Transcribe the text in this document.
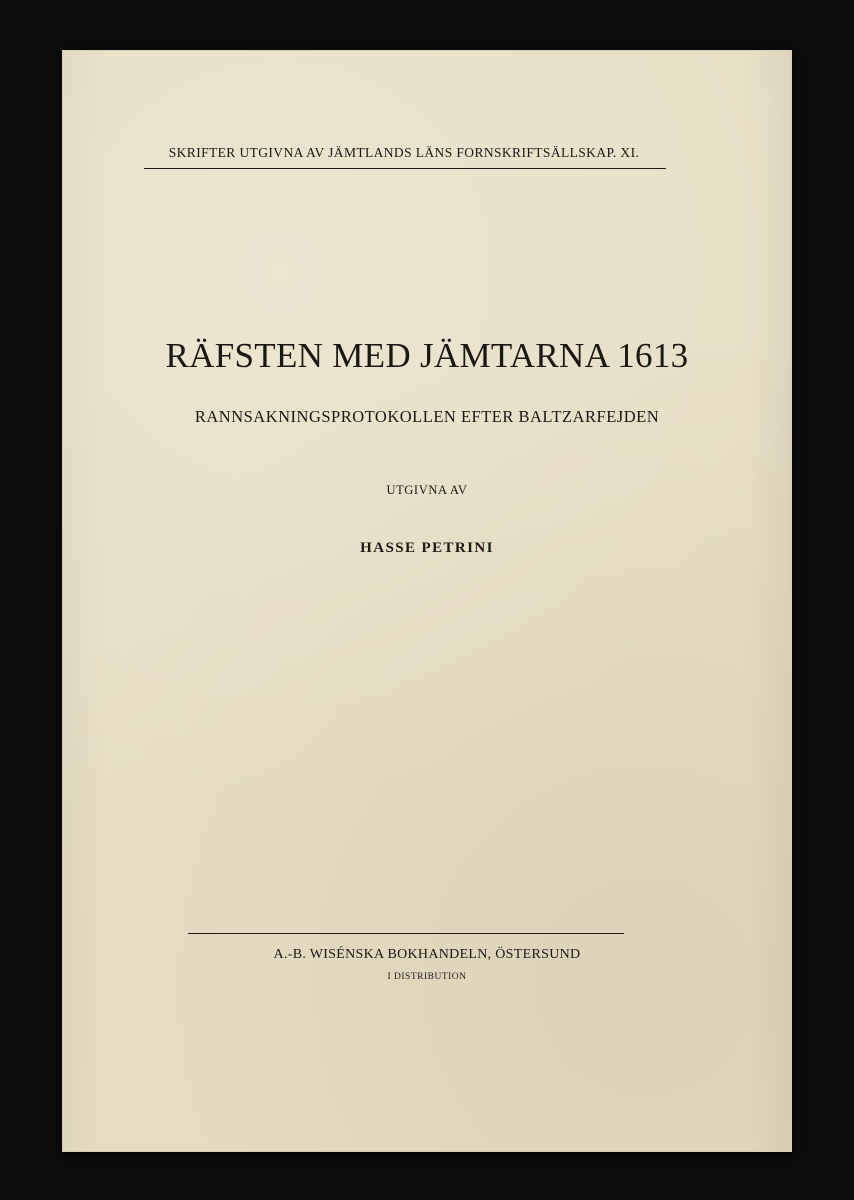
SKRIFTER UTGIVNA AV JÄMTLANDS LÄNS FORNSKRIFTSÄLLSKAP. XI.
RÄFSTEN MED JÄMTARNA 1613
RANNSAKNINGSPROTOKOLLEN EFTER BALTZARFEJDEN
UTGIVNA AV
HASSE PETRINI
A.-B. WISÉNSKA BOKHANDELN, ÖSTERSUND
I DISTRIBUTION
